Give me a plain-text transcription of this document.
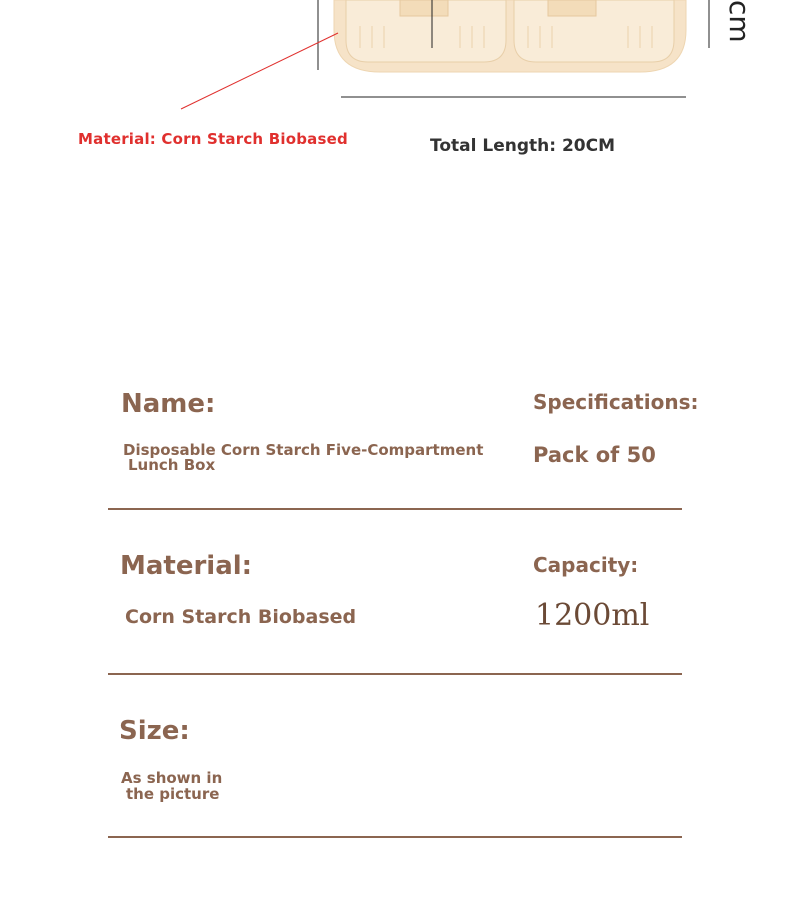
cm
Material: Corn Starch Biobased	Total Length: 20CM
Name:
Disposable Corn Starch Five-Compartment
Lunch Box
Specifications:
Pack of 50
Material:
Corn Starch Biobased
Capacity:
1200ml
Size:
As shown in
the picture
